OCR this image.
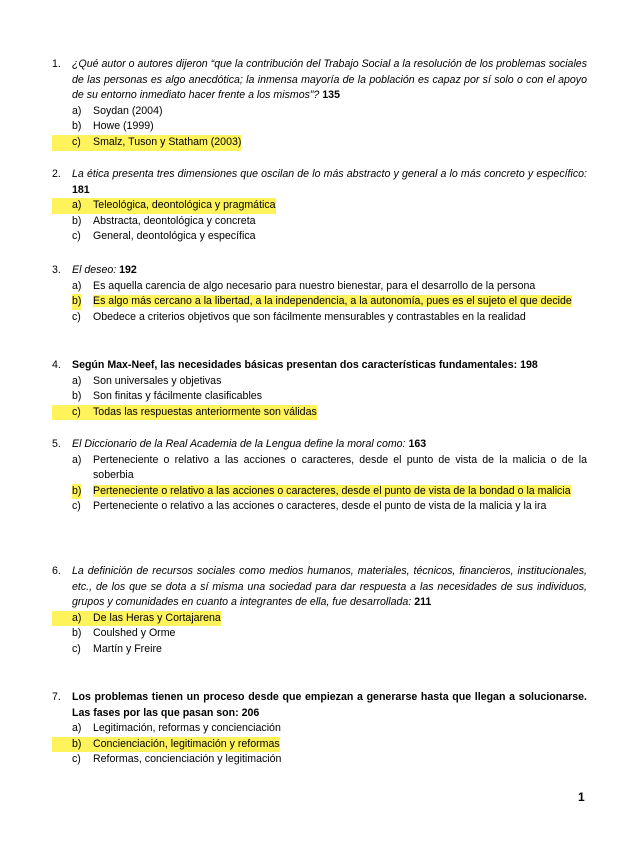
1. ¿Qué autor o autores dijeron “que la contribución del Trabajo Social a la resolución de los problemas sociales de las personas es algo anecdótica; la inmensa mayoría de la población es capaz por sí solo o con el apoyo de su entorno inmediato hacer frente a los mismos”? 135
a) Soydan (2004)
b) Howe (1999)
c) Smalz, Tuson y Statham (2003)
2. La ética presenta tres dimensiones que oscilan de lo más abstracto y general a lo más concreto y específico: 181
a) Teleológica, deontológica y pragmática
b) Abstracta, deontológica y concreta
c) General, deontológica y específica
3. El deseo: 192
a) Es aquella carencia de algo necesario para nuestro bienestar, para el desarrollo de la persona
b) Es algo más cercano a la libertad, a la independencia, a la autonomía, pues es el sujeto el que decide
c) Obedece a criterios objetivos que son fácilmente mensurables y contrastables en la realidad
4. Según Max-Neef, las necesidades básicas presentan dos características fundamentales: 198
a) Son universales y objetivas
b) Son finitas y fácilmente clasificables
c) Todas las respuestas anteriormente son válidas
5. El Diccionario de la Real Academia de la Lengua define la moral como: 163
a) Perteneciente o relativo a las acciones o caracteres, desde el punto de vista de la malicia o de la soberbia
b) Perteneciente o relativo a las acciones o caracteres, desde el punto de vista de la bondad o la malicia
c) Perteneciente o relativo a las acciones o caracteres, desde el punto de vista de la malicia y la ira
6. La definición de recursos sociales como medios humanos, materiales, técnicos, financieros, institucionales, etc., de los que se dota a sí misma una sociedad para dar respuesta a las necesidades de sus individuos, grupos y comunidades en cuanto a integrantes de ella, fue desarrollada: 211
a) De las Heras y Cortajarena
b) Coulshed y Orme
c) Martín y Freire
7. Los problemas tienen un proceso desde que empiezan a generarse hasta que llegan a solucionarse. Las fases por las que pasan son: 206
a) Legitimación, reformas y concienciación
b) Concienciación, legitimación y reformas
c) Reformas, concienciación y legitimación
1
